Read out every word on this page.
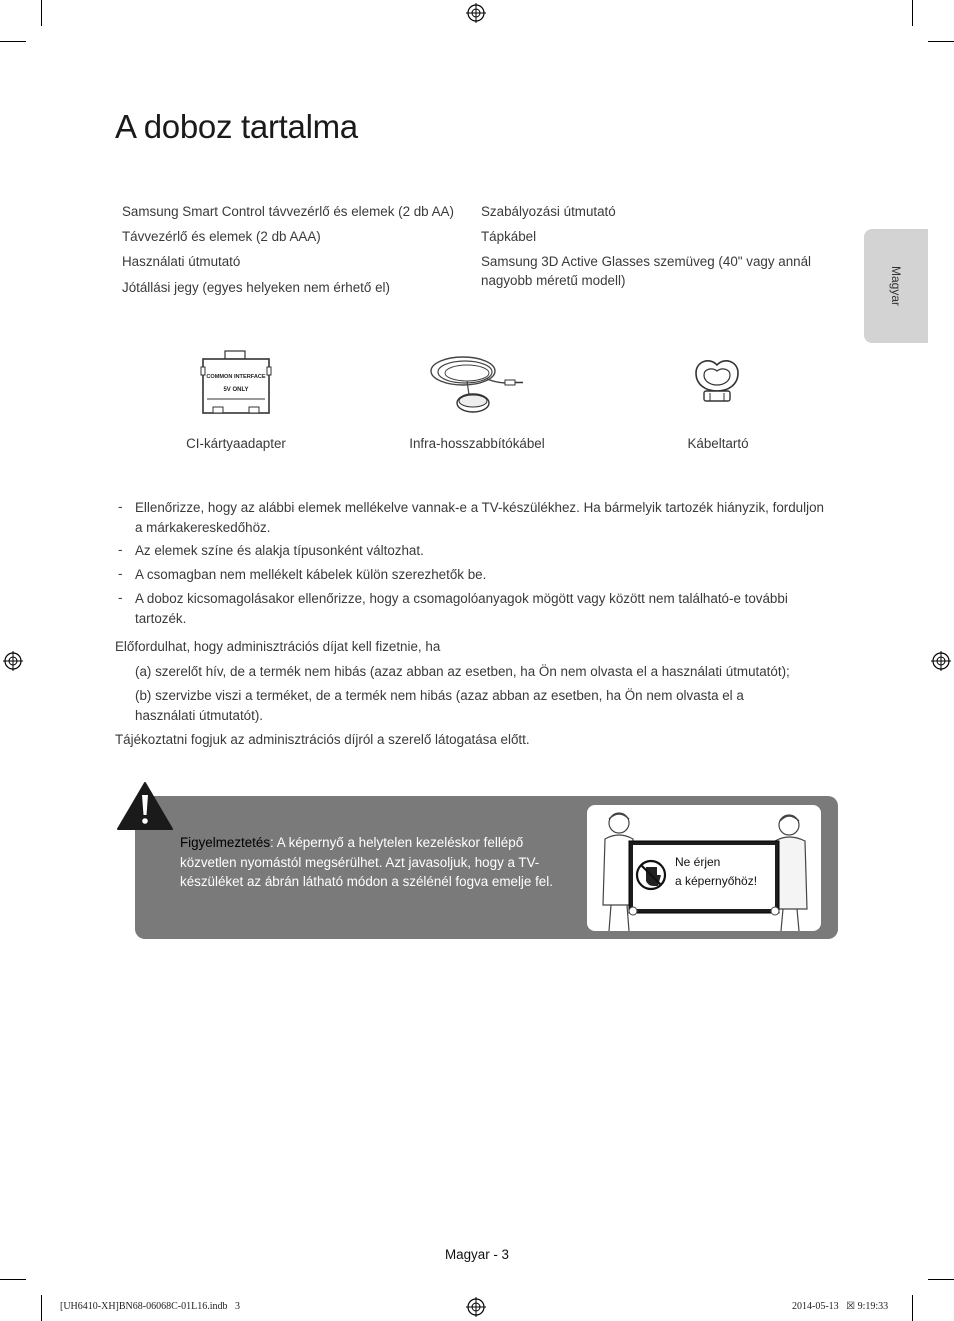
A doboz tartalma
Magyar
Samsung Smart Control távvezérlő és elemek (2 db AA)
Távvezérlő és elemek (2 db AAA)
Használati útmutató
Jótállási jegy (egyes helyeken nem érhető el)
Szabályozási útmutató
Tápkábel
Samsung 3D Active Glasses szemüveg (40" vagy annál nagyobb méretű modell)
COMMON INTERFACE
5V ONLY
CI-kártyaadapter	Infra-hosszabbítókábel	Kábeltartó
- Ellenőrizze, hogy az alábbi elemek mellékelve vannak-e a TV-készülékhez. Ha bármelyik tartozék hiányzik, forduljon a márkakereskedőhöz.
- Az elemek színe és alakja típusonként változhat.
- A csomagban nem mellékelt kábelek külön szerezhetők be.
- A doboz kicsomagolásakor ellenőrizze, hogy a csomagolóanyagok mögött vagy között nem található-e további tartozék.
Előfordulhat, hogy adminisztrációs díjat kell fizetnie, ha
(a) szerelőt hív, de a termék nem hibás (azaz abban az esetben, ha Ön nem olvasta el a használati útmutatót);
(b) szervizbe viszi a terméket, de a termék nem hibás (azaz abban az esetben, ha Ön nem olvasta el a használati útmutatót).
Tájékoztatni fogjuk az adminisztrációs díjról a szerelő látogatása előtt.
Figyelmeztetés: A képernyő a helytelen kezeléskor fellépő közvetlen nyomástól megsérülhet. Azt javasoljuk, hogy a TV-készüléket az ábrán látható módon a szélénél fogva emelje fel.
Ne érjen
a képernyőhöz!
Magyar - 3
[UH6410-XH]BN68-06068C-01L16.indb   3	2014-05-13   ☒ 9:19:33
